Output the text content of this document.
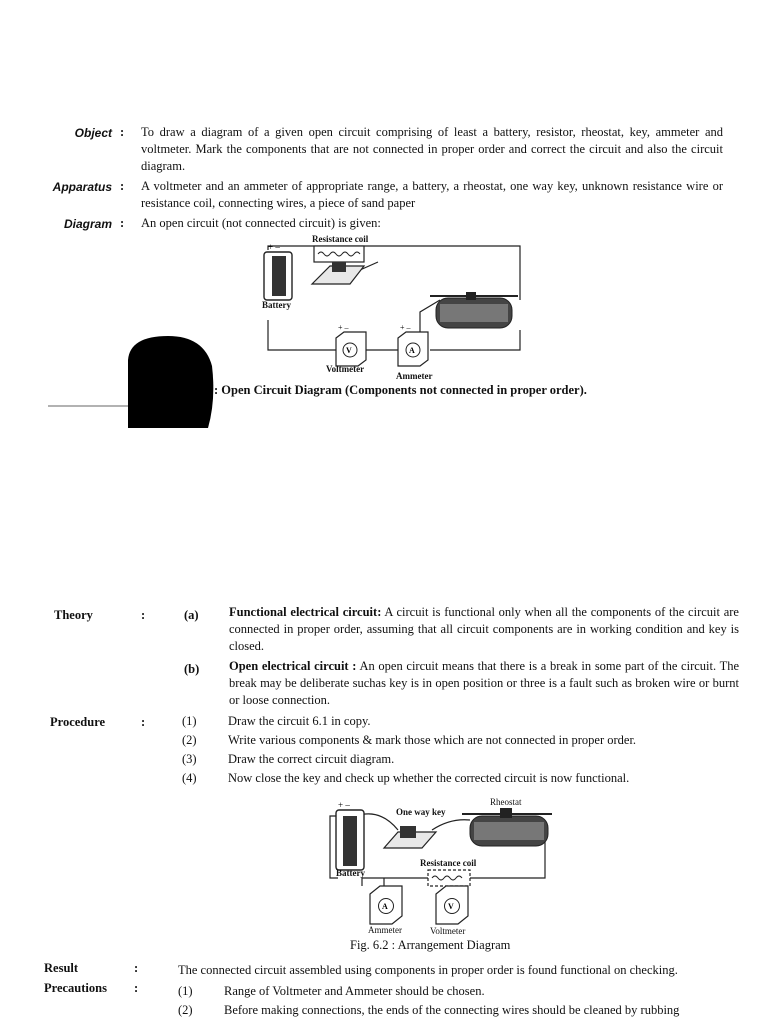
Object : To draw a diagram of a given open circuit comprising of least a battery, resistor, rheostat, key, ammeter and voltmeter. Mark the components that are not connected in proper order and correct the circuit and also the circuit diagram.
Apparatus : A voltmeter and an ammeter of appropriate range, a battery, a rheostat, one way key, unknown resistance wire or resistance coil, connecting wires, a piece of sand paper
Diagram : An open circuit (not connected circuit) is given:
+ –
V
+ –
A
+ –
Resistance coil
Battery
Voltmeter
Ammeter
: Open Circuit Diagram (Components not connected in proper order).
Theory	:	(a) Functional electrical circuit: A circuit is functional only when all the components of the circuit are connected in proper order, assuming that all circuit components are in working condition and key is closed.
(b) Open electrical circuit : An open circuit means that there is a break in some part of the circuit. The break may be deliberate suchas key is in open position or three is a fault such as broken wire or burnt or loose connection.
Procedure	:	(1)	Draw the circuit 6.1 in copy.
(2)	Write various components & mark those which are not connected in proper order.
(3)	Draw the correct circuit diagram.
(4)	Now close the key and check up whether the corrected circuit is now functional.
+ –
A	V
Rheostat
One way key
Resistance coil
Battery
Ammeter	Voltmeter
Fig. 6.2 : Arrangement Diagram
Result	:	The connected circuit assembled using components in proper order is found functional on checking.
Precautions :	(1)	Range of Voltmeter and Ammeter should be chosen.
(2)	Before making connections, the ends of the connecting wires should be cleaned by rubbing
